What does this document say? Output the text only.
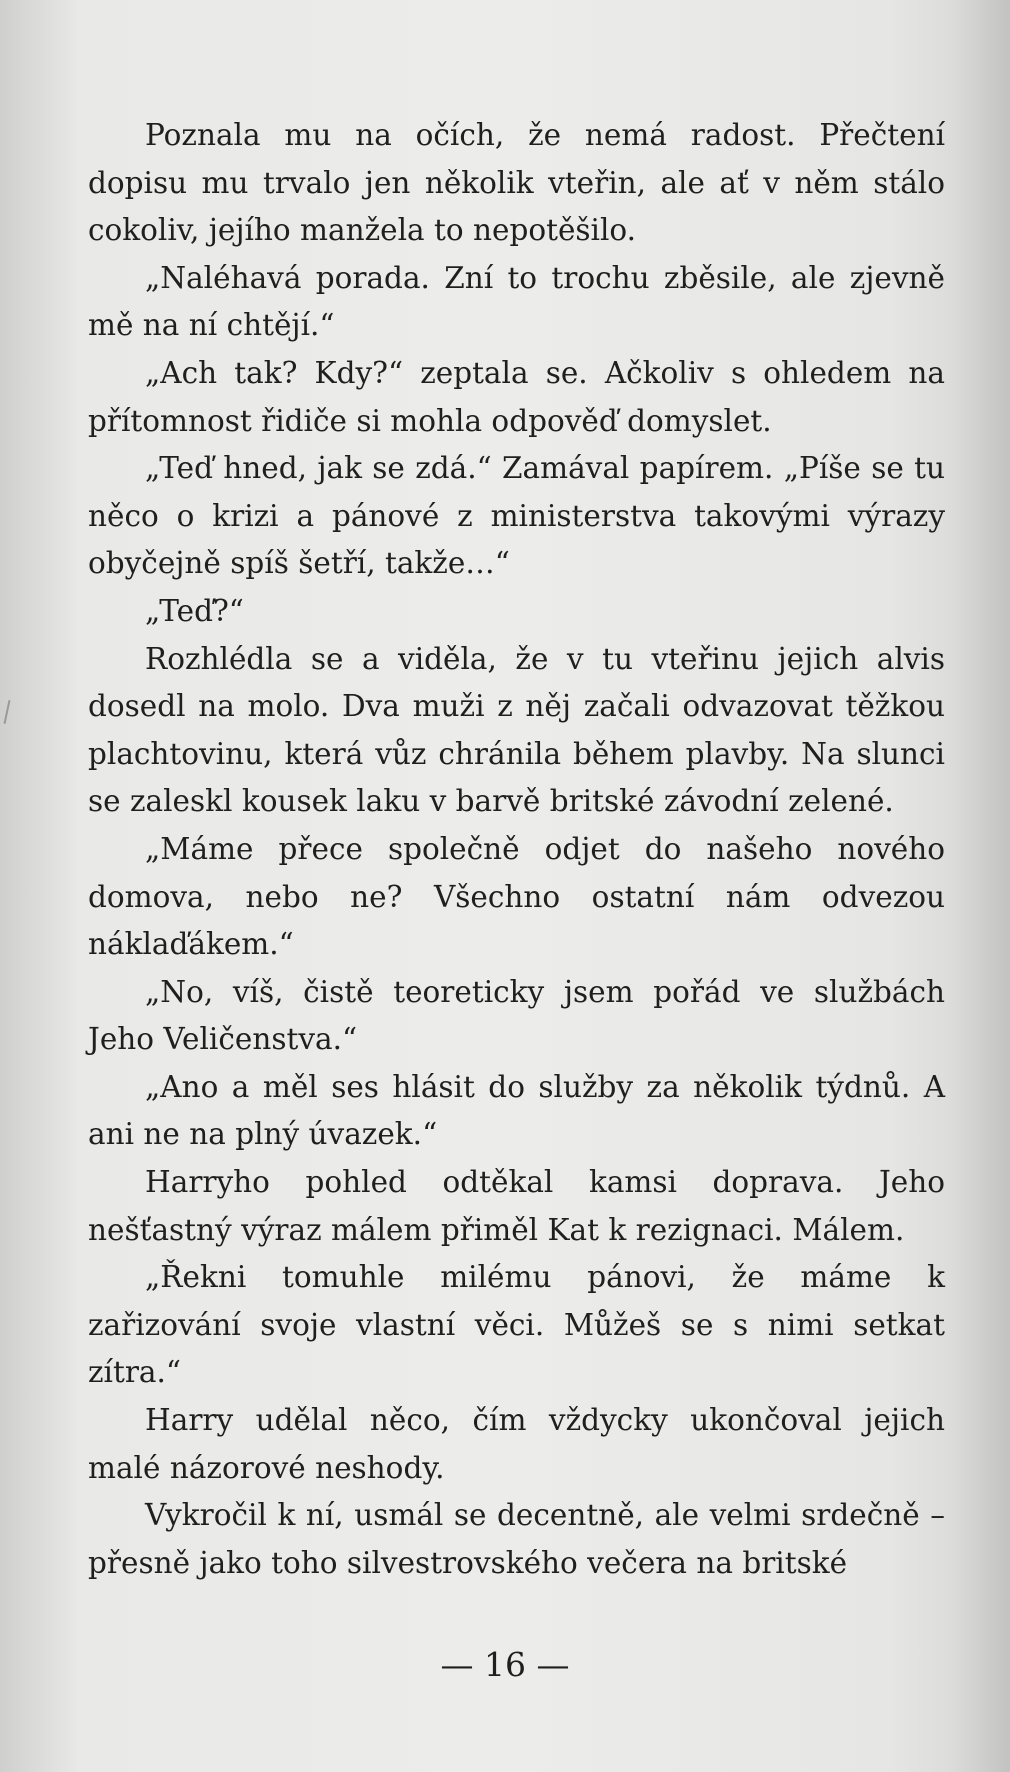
Poznala mu na očích, že nemá radost. Přečtení dopisu mu trvalo jen několik vteřin, ale ať v něm stálo cokoliv, jejího manžela to nepotěšilo.

„Naléhavá porada. Zní to trochu zběsile, ale zjevně mě na ní chtějí.“

„Ach tak? Kdy?“ zeptala se. Ačkoliv s ohledem na přítomnost řidiče si mohla odpověď domyslet.

„Teď hned, jak se zdá.“ Zamával papírem. „Píše se tu něco o krizi a pánové z ministerstva takovými výrazy obyčejně spíš šetří, takže…“

„Teď?“

Rozhlédla se a viděla, že v tu vteřinu jejich alvis dosedl na molo. Dva muži z něj začali odvazovat těžkou plachtovinu, která vůz chránila během plavby. Na slunci se zaleskl kousek laku v barvě britské závodní zelené.

„Máme přece společně odjet do našeho nového domova, nebo ne? Všechno ostatní nám odvezou náklaďákem.“

„No, víš, čistě teoreticky jsem pořád ve službách Jeho Veličenstva.“

„Ano a měl ses hlásit do služby za několik týdnů. A ani ne na plný úvazek.“

Harryho pohled odtěkal kamsi doprava. Jeho nešťastný výraz málem přiměl Kat k rezignaci. Málem.

„Řekni tomuhle milému pánovi, že máme k zařizování svoje vlastní věci. Můžeš se s nimi setkat zítra.“

Harry udělal něco, čím vždycky ukončoval jejich malé názorové neshody.

Vykročil k ní, usmál se decentně, ale velmi srdečně – přesně jako toho silvestrovského večera na britské

— 16 —
